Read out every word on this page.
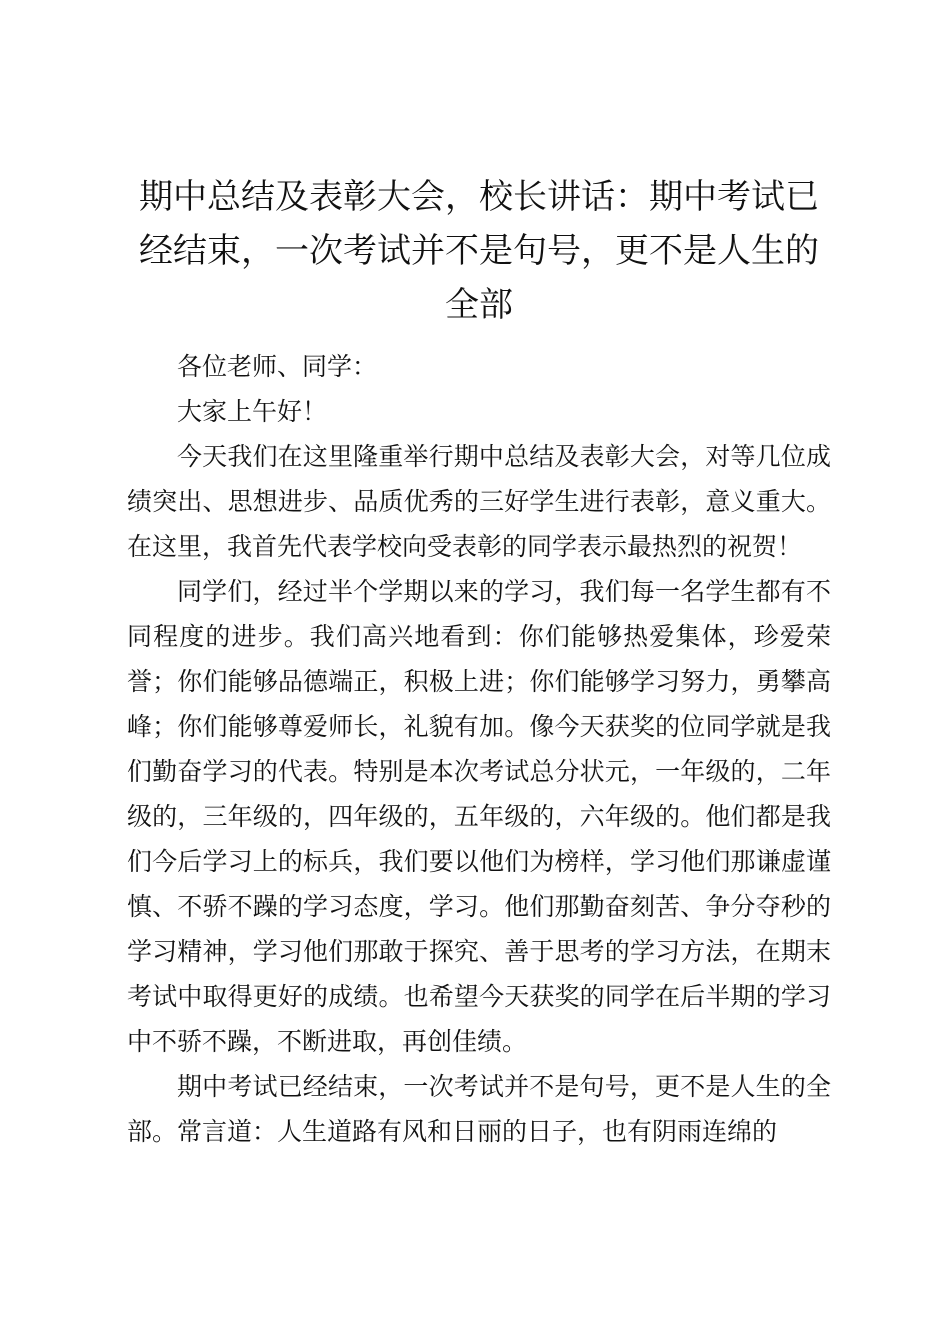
期中总结及表彰大会，校长讲话：期中考试已
经结束，一次考试并不是句号，更不是人生的
全部

各位老师、同学：

大家上午好！

今天我们在这里隆重举行期中总结及表彰大会，对等几位成绩突出、思想进步、品质优秀的三好学生进行表彰，意义重大。在这里，我首先代表学校向受表彰的同学表示最热烈的祝贺！

同学们，经过半个学期以来的学习，我们每一名学生都有不同程度的进步。我们高兴地看到：你们能够热爱集体，珍爱荣誉；你们能够品德端正，积极上进；你们能够学习努力，勇攀高峰；你们能够尊爱师长，礼貌有加。像今天获奖的位同学就是我们勤奋学习的代表。特别是本次考试总分状元，一年级的，二年级的，三年级的，四年级的，五年级的，六年级的。他们都是我们今后学习上的标兵，我们要以他们为榜样，学习他们那谦虚谨慎、不骄不躁的学习态度，学习。他们那勤奋刻苦、争分夺秒的学习精神，学习他们那敢于探究、善于思考的学习方法，在期末考试中取得更好的成绩。也希望今天获奖的同学在后半期的学习中不骄不躁，不断进取，再创佳绩。

期中考试已经结束，一次考试并不是句号，更不是人生的全部。常言道：人生道路有风和日丽的日子，也有阴雨连绵的
